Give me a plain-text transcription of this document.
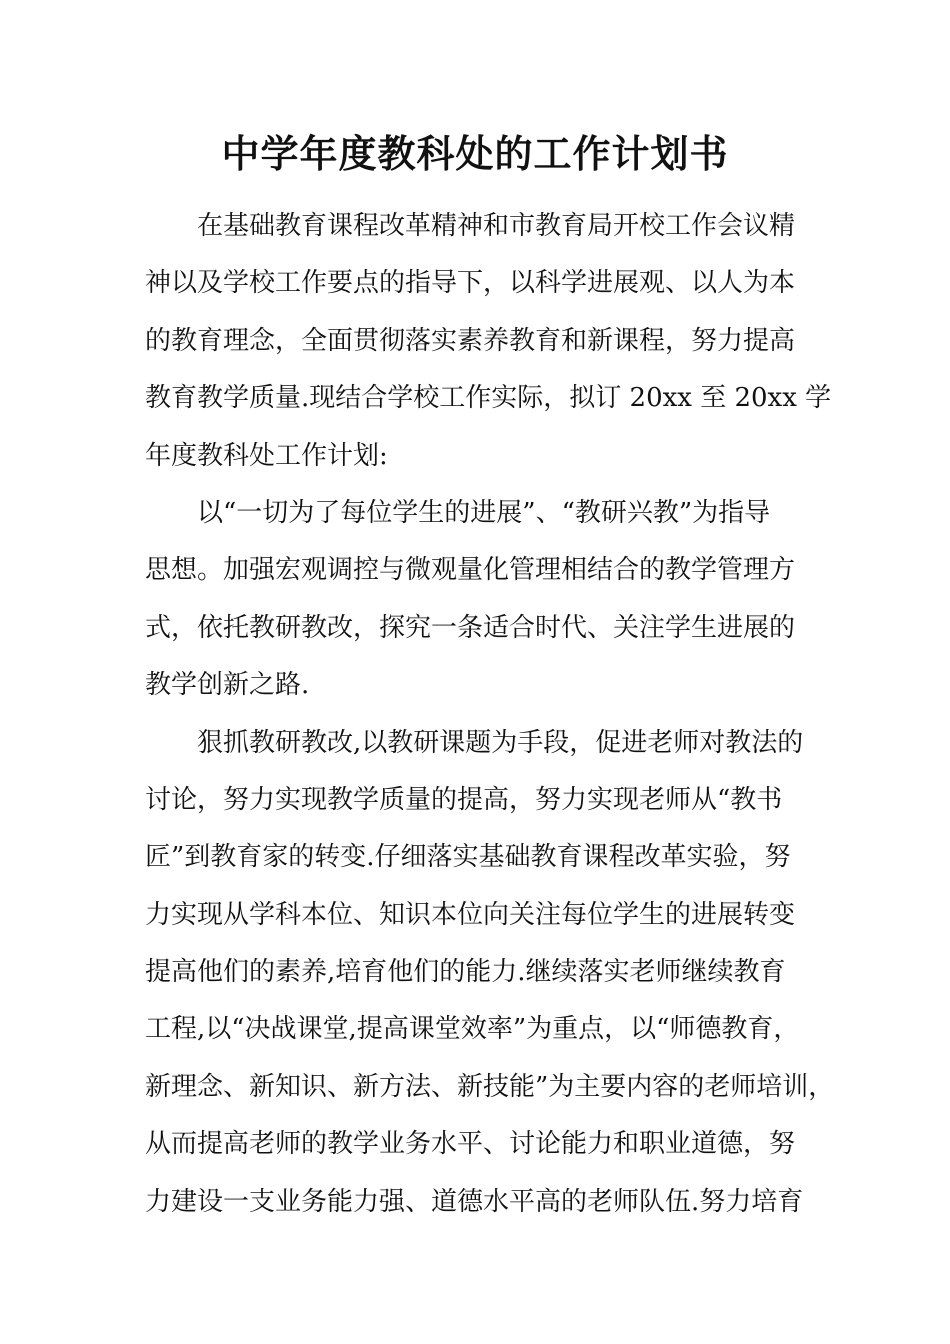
中学年度教科处的工作计划书
在基础教育课程改革精神和市教育局开校工作会议精
神以及学校工作要点的指导下，以科学进展观、以人为本
的教育理念，全面贯彻落实素养教育和新课程，努力提高
教育教学质量.现结合学校工作实际，拟订 20xx 至 20xx 学
年度教科处工作计划:
以“一切为了每位学生的进展”、“教研兴教”为指导
思想。加强宏观调控与微观量化管理相结合的教学管理方
式，依托教研教改，探究一条适合时代、关注学生进展的
教学创新之路.
狠抓教研教改,以教研课题为手段，促进老师对教法的
讨论，努力实现教学质量的提高，努力实现老师从“教书
匠”到教育家的转变.仔细落实基础教育课程改革实验，努
力实现从学科本位、知识本位向关注每位学生的进展转变
提高他们的素养,培育他们的能力.继续落实老师继续教育
工程,以“决战课堂,提高课堂效率”为重点，以“师德教育，
新理念、新知识、新方法、新技能”为主要内容的老师培训，
从而提高老师的教学业务水平、讨论能力和职业道德，努
力建设一支业务能力强、道德水平高的老师队伍.努力培育
